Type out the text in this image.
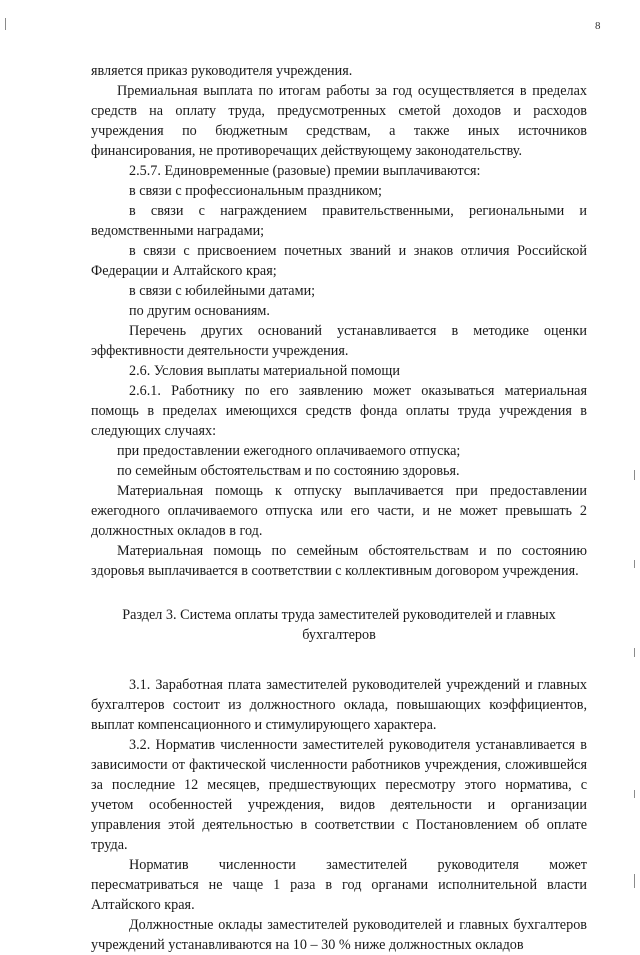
8

является приказ руководителя учреждения.

Премиальная выплата по итогам работы за год осуществляется в пределах средств на оплату труда, предусмотренных сметой доходов и расходов учреждения по бюджетным средствам, а также иных источников финансирования, не противоречащих действующему законодательству.

2.5.7. Единовременные (разовые) премии выплачиваются:

в связи с профессиональным праздником;

в связи с награждением правительственными, региональными и ведомственными наградами;

в связи с присвоением почетных званий и знаков отличия Российской Федерации и Алтайского края;

в связи с юбилейными датами;

по другим основаниям.

Перечень других оснований устанавливается в методике оценки эффективности деятельности учреждения.

2.6. Условия выплаты материальной помощи

2.6.1. Работнику по его заявлению может оказываться материальная помощь в пределах имеющихся средств фонда оплаты труда учреждения в следующих случаях:

при предоставлении ежегодного оплачиваемого отпуска;

по семейным обстоятельствам и по состоянию здоровья.

Материальная помощь к отпуску выплачивается при предоставлении ежегодного оплачиваемого отпуска или его части, и не может превышать 2 должностных окладов в год.

Материальная помощь по семейным обстоятельствам и по состоянию здоровья выплачивается в соответствии с коллективным договором учреждения.

Раздел 3. Система оплаты труда заместителей руководителей и главных бухгалтеров

3.1. Заработная плата заместителей руководителей учреждений и главных бухгалтеров состоит из должностного оклада, повышающих коэффициентов, выплат компенсационного и стимулирующего характера.

3.2. Норматив численности заместителей руководителя устанавливается в зависимости от фактической численности работников учреждения, сложившейся за последние 12 месяцев, предшествующих пересмотру этого норматива, с учетом особенностей учреждения, видов деятельности и организации управления этой деятельностью в соответствии с Постановлением об оплате труда.

Норматив численности заместителей руководителя может пересматриваться не чаще 1 раза в год органами исполнительной власти Алтайского края.

Должностные оклады заместителей руководителей и главных бухгалтеров учреждений устанавливаются на 10 – 30 % ниже должностных окладов
